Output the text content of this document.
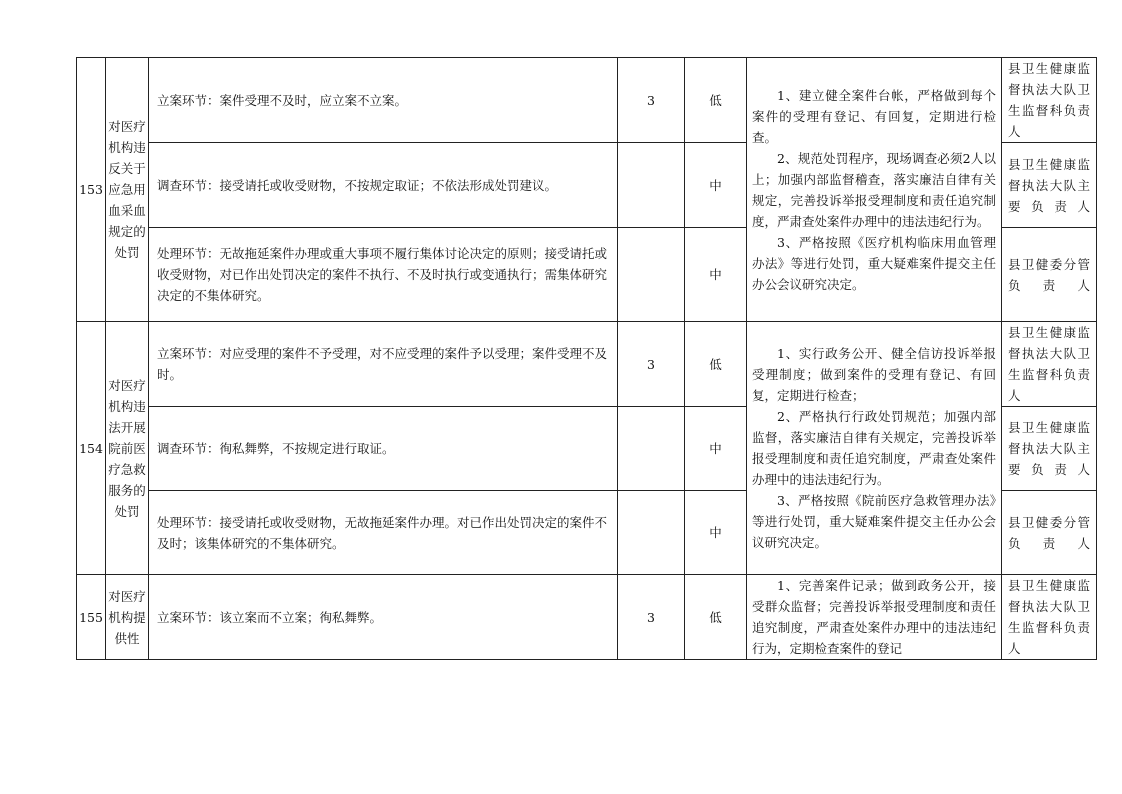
153	对医疗机构违反关于应急用血采血规定的处罚	立案环节：案件受理不及时，应立案不立案。	3	低	1、建立健全案件台帐，严格做到每个案件的受理有登记、有回复，定期进行检查。

2、规范处罚程序，现场调查必须2人以上；加强内部监督稽查，落实廉洁自律有关规定，完善投诉举报受理制度和责任追究制度，严肃查处案件办理中的违法违纪行为。

3、严格按照《医疗机构临床用血管理办法》等进行处罚，重大疑难案件提交主任办公会议研究决定。	县卫生健康监督执法大队卫生监督科负责人
		调查环节：接受请托或收受财物，不按规定取证；不依法形成处罚建议。		中		县卫生健康监督执法大队主要负责人
		处理环节：无故拖延案件办理或重大事项不履行集体讨论决定的原则；接受请托或收受财物，对已作出处罚决定的案件不执行、不及时执行或变通执行；需集体研究决定的不集体研究。		中		县卫健委分管负责人
154	对医疗机构违法开展院前医疗急救服务的处罚	立案环节：对应受理的案件不予受理，对不应受理的案件予以受理；案件受理不及时。	3	低	1、实行政务公开、健全信访投诉举报受理制度；做到案件的受理有登记、有回复，定期进行检查；

2、严格执行行政处罚规范；加强内部监督，落实廉洁自律有关规定，完善投诉举报受理制度和责任追究制度，严肃查处案件办理中的违法违纪行为。

3、严格按照《院前医疗急救管理办法》等进行处罚，重大疑难案件提交主任办公会议研究决定。	县卫生健康监督执法大队卫生监督科负责人
		调查环节：徇私舞弊，不按规定进行取证。		中		县卫生健康监督执法大队主要负责人
		处理环节：接受请托或收受财物，无故拖延案件办理。对已作出处罚决定的案件不及时；该集体研究的不集体研究。		中		县卫健委分管负责人
155	对医疗机构提供性	立案环节：该立案而不立案；徇私舞弊。	3	低	1、完善案件记录；做到政务公开，接受群众监督；完善投诉举报受理制度和责任追究制度，严肃查处案件办理中的违法违纪行为，定期检查案件的登记	县卫生健康监督执法大队卫生监督科负责人
